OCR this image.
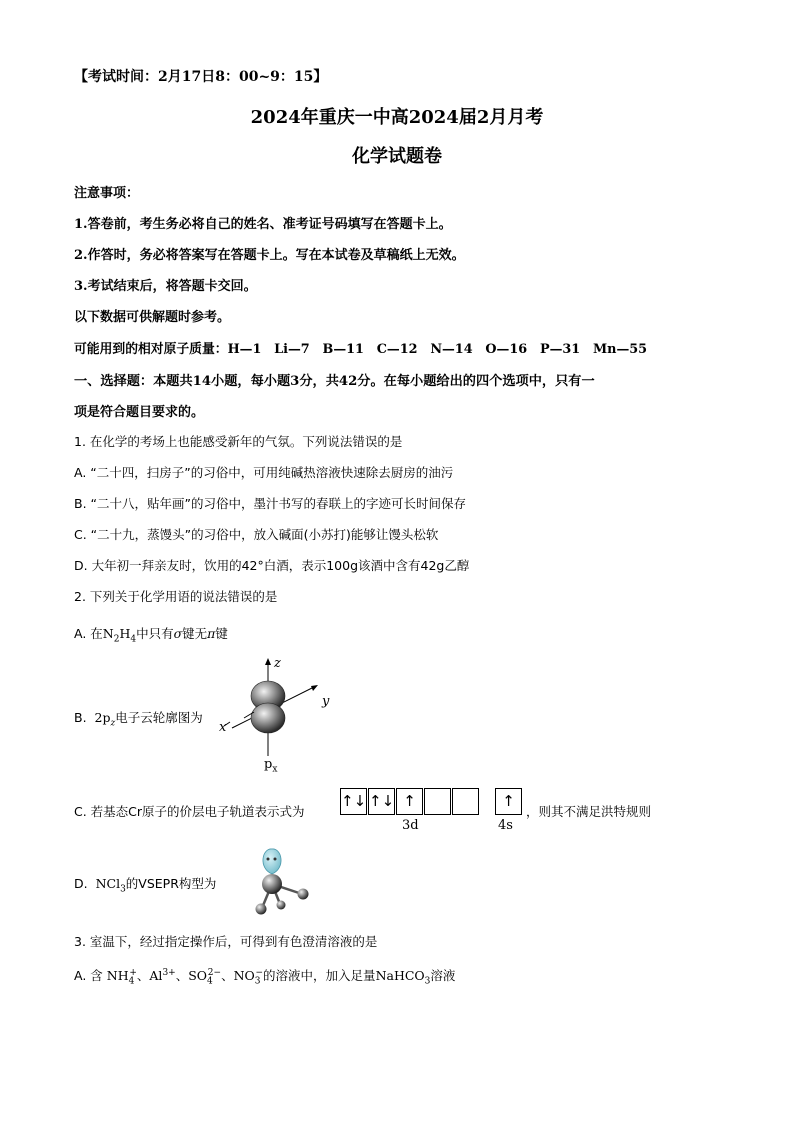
【考试时间：2月17日8：00~9：15】
2024年重庆一中高2024届2月月考
化学试题卷
注意事项：
1.答卷前，考生务必将自己的姓名、准考证号码填写在答题卡上。
2.作答时，务必将答案写在答题卡上。写在本试卷及草稿纸上无效。
3.考试结束后，将答题卡交回。
以下数据可供解题时参考。
可能用到的相对原子质量：H—1　Li—7　B—11　C—12　N—14　O—16　P—31　Mn—55
一、选择题：本题共14小题，每小题3分，共42分。在每小题给出的四个选项中，只有一
项是符合题目要求的。
1. 在化学的考场上也能感受新年的气氛。下列说法错误的是
A. “二十四，扫房子”的习俗中，可用纯碱热溶液快速除去厨房的油污
B. “二十八，贴年画”的习俗中，墨汁书写的春联上的字迹可长时间保存
C. “二十九，蒸馒头”的习俗中，放入碱面(小苏打)能够让馒头松软
D. 大年初一拜亲友时，饮用的42°白酒，表示100g该酒中含有42g乙醇
2. 下列关于化学用语的说法错误的是
A. 在$N_2H_4$中只有σ键无π键
B. $2p_z$电子云轮廓图为
z
y
x
$p_x$
C. 若基态Cr原子的价层电子轨道表示式为
↑↓ ↑↓ ↑	↑
3d	4s
，则其不满足洪特规则
D. NCl$_3$的VSEPR构型为
3. 室温下，经过指定操作后，可得到有色澄清溶液的是
A. 含 $NH_4^+$、$Al^{3+}$、$SO_4^{2-}$、$NO_3^-$的溶液中，加入足量NaHCO$_3$溶液
